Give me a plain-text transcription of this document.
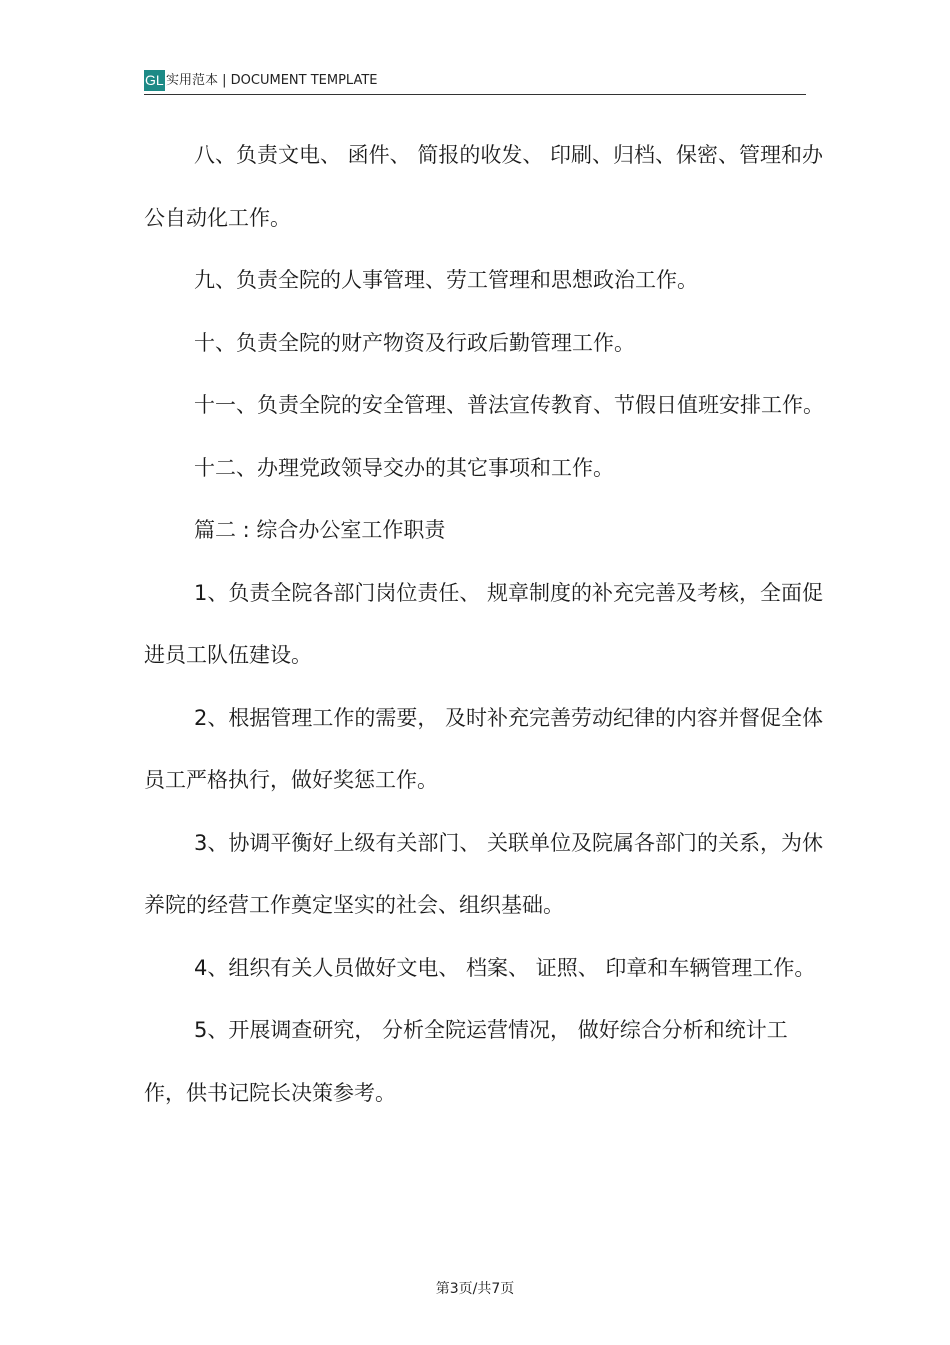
GL 实用范本 | DOCUMENT TEMPLATE

八、负责文电、 函件、 简报的收发、 印刷、归档、保密、管理和办公自动化工作。

九、负责全院的人事管理、劳工管理和思想政治工作。

十、负责全院的财产物资及行政后勤管理工作。

十一、负责全院的安全管理、普法宣传教育、节假日值班安排工作。

十二、办理党政领导交办的其它事项和工作。

篇二 : 综合办公室工作职责

1、负责全院各部门岗位责任、 规章制度的补充完善及考核，全面促进员工队伍建设。

2、根据管理工作的需要， 及时补充完善劳动纪律的内容并督促全体员工严格执行，做好奖惩工作。

3、协调平衡好上级有关部门、 关联单位及院属各部门的关系，为休养院的经营工作奠定坚实的社会、组织基础。

4、组织有关人员做好文电、 档案、 证照、 印章和车辆管理工作。

5、开展调查研究， 分析全院运营情况， 做好综合分析和统计工作，供书记院长决策参考。

第3页/共7页
